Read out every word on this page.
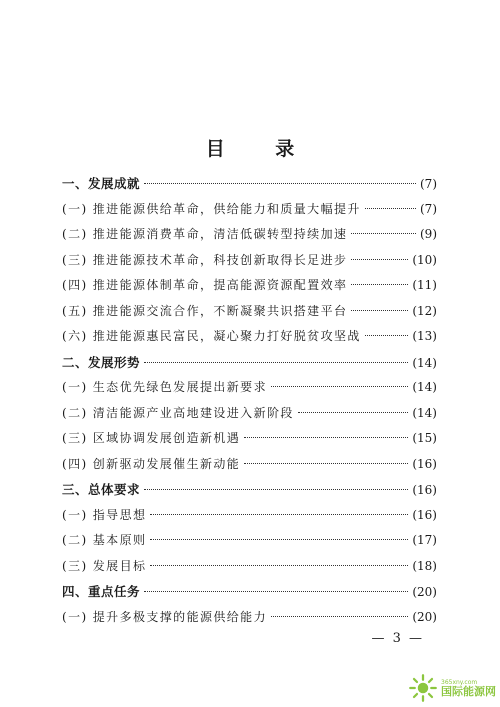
目 录
一、发展成就	(7)
(一) 推进能源供给革命，供给能力和质量大幅提升	(7)
(二) 推进能源消费革命，清洁低碳转型持续加速	(9)
(三) 推进能源技术革命，科技创新取得长足进步	(10)
(四) 推进能源体制革命，提高能源资源配置效率	(11)
(五) 推进能源交流合作，不断凝聚共识搭建平台	(12)
(六) 推进能源惠民富民，凝心聚力打好脱贫攻坚战	(13)
二、发展形势	(14)
(一) 生态优先绿色发展提出新要求	(14)
(二) 清洁能源产业高地建设进入新阶段	(14)
(三) 区域协调发展创造新机遇	(15)
(四) 创新驱动发展催生新动能	(16)
三、总体要求	(16)
(一) 指导思想	(16)
(二) 基本原则	(17)
(三) 发展目标	(18)
四、重点任务	(20)
(一) 提升多极支撑的能源供给能力	(20)
— 3 —
365xny.com
国际能源网
